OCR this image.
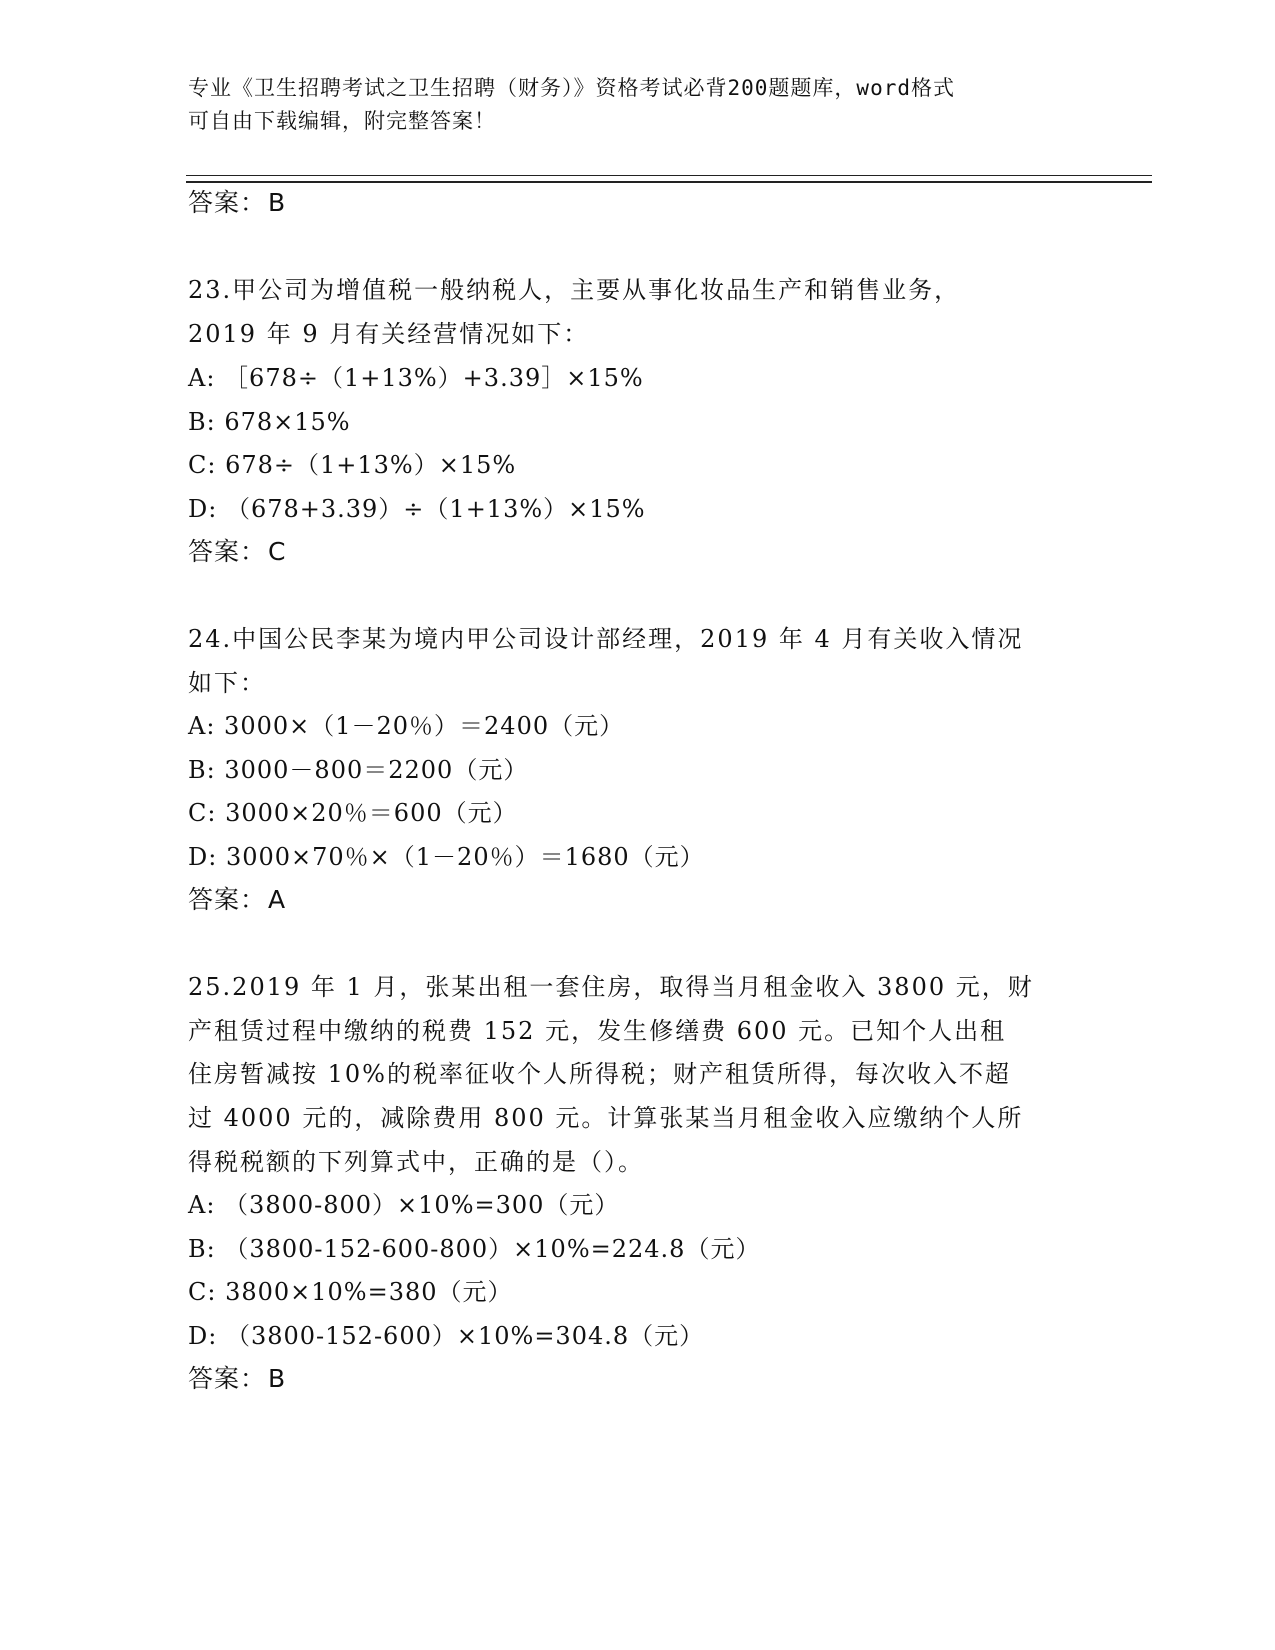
专业《卫生招聘考试之卫生招聘（财务）》资格考试必背200题题库，word格式
可自由下载编辑，附完整答案！
答案：B
23.甲公司为增值税一般纳税人，主要从事化妆品生产和销售业务，
2019 年 9 月有关经营情况如下：
A: ［678÷（1+13%）+3.39］×15%
B: 678×15%
C: 678÷（1+13%）×15%
D: （678+3.39）÷（1+13%）×15%
答案：C
24.中国公民李某为境内甲公司设计部经理，2019 年 4 月有关收入情况
如下：
A: 3000×（1－20％）＝2400（元）
B: 3000－800＝2200（元）
C: 3000×20％＝600（元）
D: 3000×70％×（1－20％）＝1680（元）
答案：A
25.2019 年 1 月，张某出租一套住房，取得当月租金收入 3800 元，财
产租赁过程中缴纳的税费 152 元，发生修缮费 600 元。已知个人出租
住房暂减按 10%的税率征收个人所得税；财产租赁所得，每次收入不超
过 4000 元的，减除费用 800 元。计算张某当月租金收入应缴纳个人所
得税税额的下列算式中，正确的是（）。
A: （3800-800）×10%=300（元）
B: （3800-152-600-800）×10%=224.8（元）
C: 3800×10%=380（元）
D: （3800-152-600）×10%=304.8（元）
答案：B
